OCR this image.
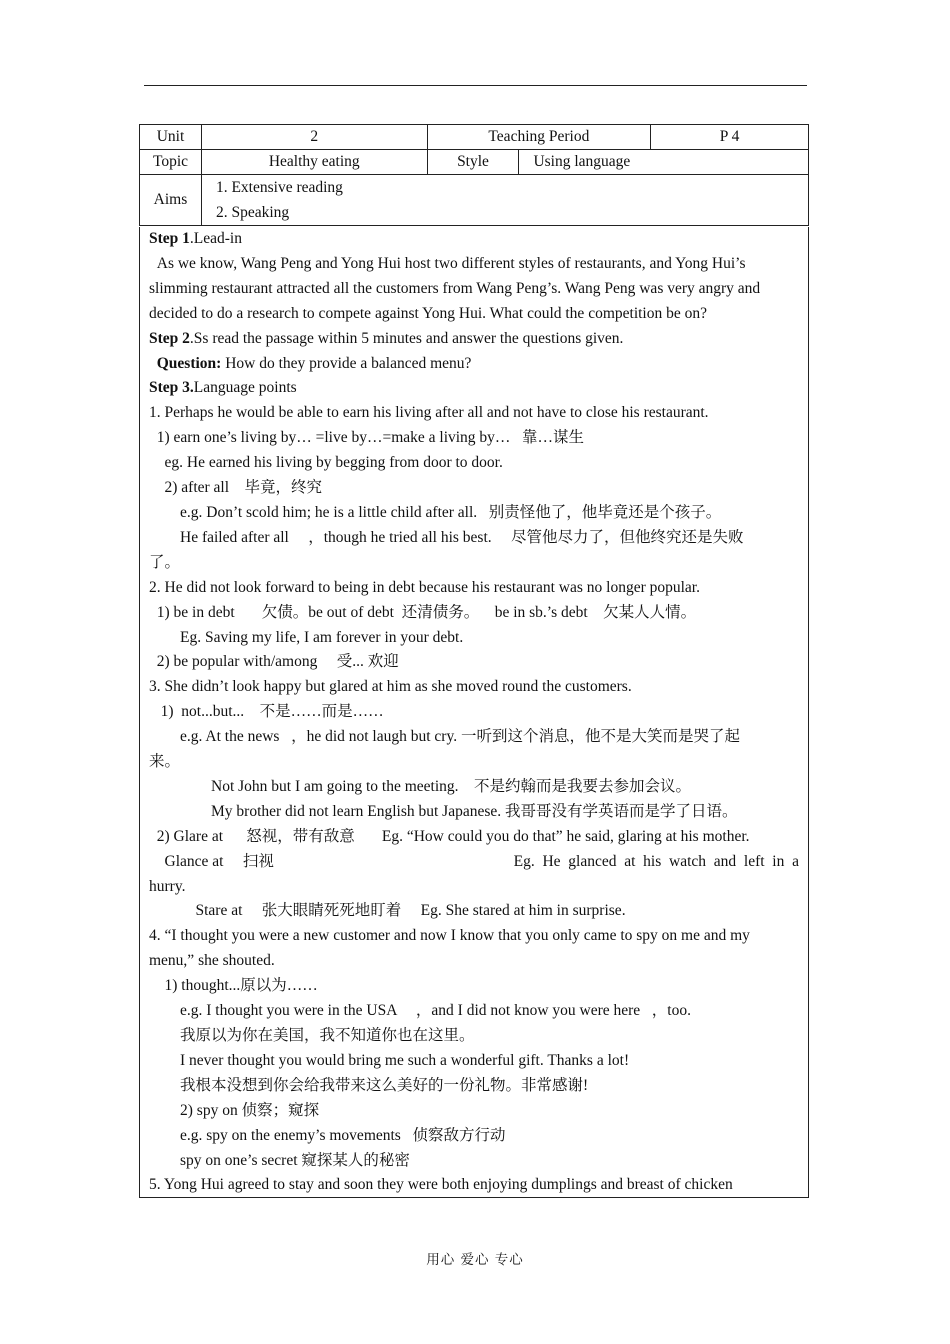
Unit	2	Teaching Period		P 4
Topic	Healthy eating	Style	Using language	
Aims	1. Extensive reading
2. Speaking			

Step 1.Lead-in

As we know, Wang Peng and Yong Hui host two different styles of restaurants, and Yong Hui’s

slimming restaurant attracted all the customers from Wang Peng’s. Wang Peng was very angry and

decided to do a research to compete against Yong Hui. What could the competition be on?

Step 2.Ss read the passage within 5 minutes and answer the questions given.

Question: How do they provide a balanced menu?

Step 3.Language points

1. Perhaps he would be able to earn his living after all and not have to close his restaurant.

1) earn one’s living by… =live by…=make a living by…   靠…谋生

eg. He earned his living by begging from door to door.

2) after all    毕竟，终究

e.g. Don’t scold him; he is a little child after all.   别责怪他了，他毕竟还是个孩子。

He failed after all     ，though he tried all his best.     尽管他尽力了，但他终究还是失败

了。

2. He did not look forward to being in debt because his restaurant was no longer popular.

1) be in debt       欠债。be out of debt  还清债务。    be in sb.’s debt    欠某人人情。

Eg. Saving my life, I am forever in your debt.

2) be popular with/among     受... 欢迎

3. She didn’t look happy but glared at him as she moved round the customers.

1)  not...but...    不是……而是……

e.g. At the news   ，he did not laugh but cry. 一听到这个消息，他不是大笑而是哭了起

来。

Not John but I am going to the meeting.    不是约翰而是我要去参加会议。

My brother did not learn English but Japanese. 我哥哥没有学英语而是学了日语。

2) Glare at      怒视，带有敌意       Eg. “How could you do that” he said, glaring at his mother.

Glance at     扫视	Eg.  He  glanced  at  his  watch  and  left  in  a

hurry.

Stare at     张大眼睛死死地盯着     Eg. She stared at him in surprise.

4. “I thought you were a new customer and now I know that you only came to spy on me and my

menu,” she shouted.

1) thought...原以为……

e.g. I thought you were in the USA     ，and I did not know you were here   ，too.

我原以为你在美国，我不知道你也在这里。

I never thought you would bring me such a wonderful gift. Thanks a lot!

我根本没想到你会给我带来这么美好的一份礼物。非常感谢!

2) spy on 侦察；窥探

e.g. spy on the enemy’s movements   侦察敌方行动

spy on one’s secret 窥探某人的秘密

5. Yong Hui agreed to stay and soon they were both enjoying dumplings and breast of chicken

用心 爱心 专心
